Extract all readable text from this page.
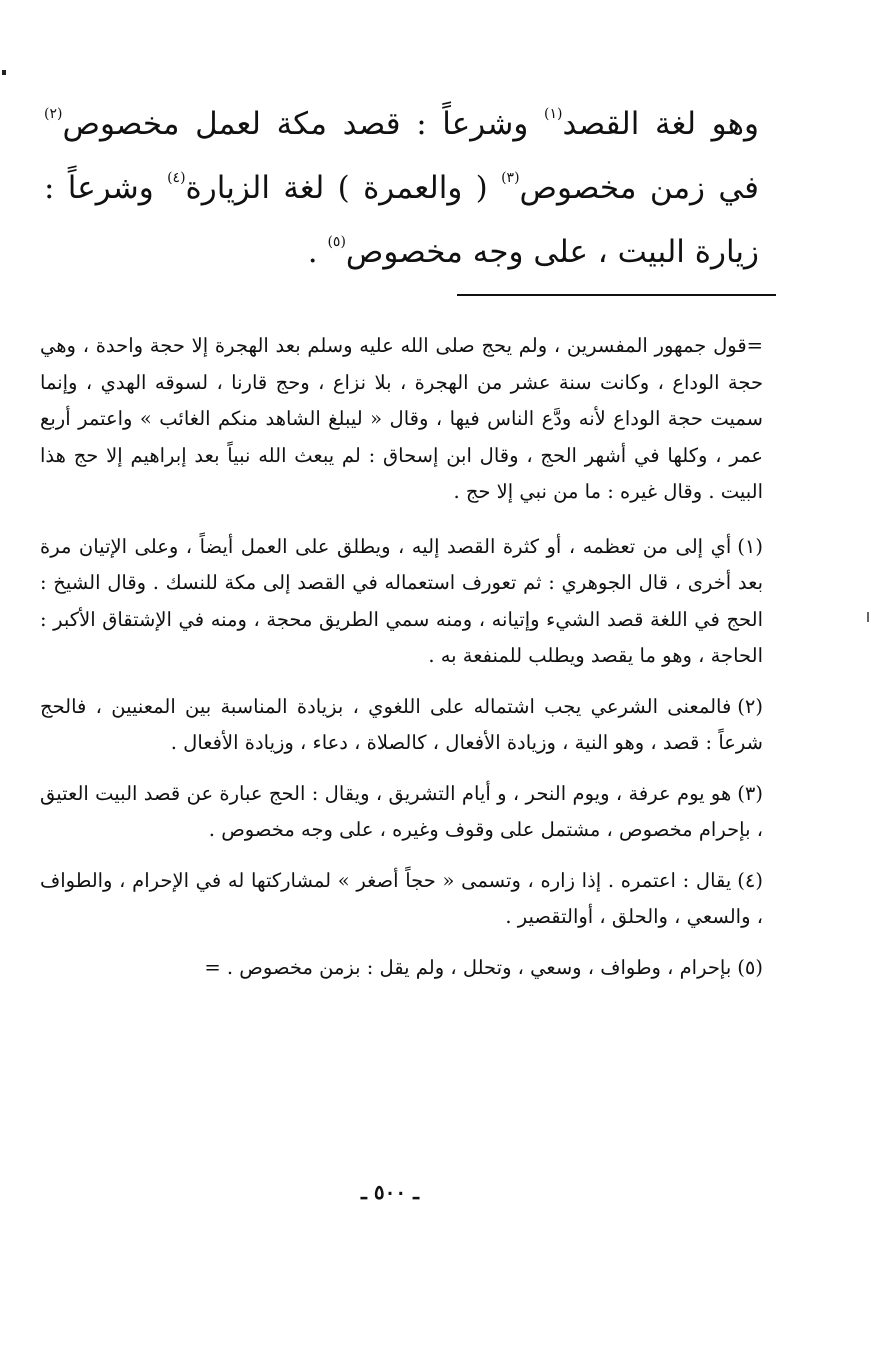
وهو لغة القصد$^{(١)}$ وشرعاً : قصد مكة لعمل مخصوص$^{(٢)}$ في زمن مخصوص$^{(٣)}$ ( والعمرة ) لغة الزيارة$^{(٤)}$ وشرعاً : زيارة البيت ، على وجه مخصوص$^{(٥)}$ .

=قول جمهور المفسرين ، ولم يحج صلى الله عليه وسلم بعد الهجرة إلا حجة واحدة ، وهي حجة الوداع ، وكانت سنة عشر من الهجرة ، بلا نزاع ، وحج قارنا ، لسوقه الهدي ، وإنما سميت حجة الوداع لأنه ودَّع الناس فيها ، وقال « ليبلغ الشاهد منكم الغائب » واعتمر أربع عمر ، وكلها في أشهر الحج ، وقال ابن إسحاق : لم يبعث الله نبياً بعد إبراهيم إلا حج هذا البيت . وقال غيره : ما من نبي إلا حج .

(١)أي إلى من تعظمه ، أو كثرة القصد إليه ، ويطلق على العمل أيضاً ، وعلى الإتيان مرة بعد أخرى ، قال الجوهري : ثم تعورف استعماله في القصد إلى مكة للنسك . وقال الشيخ : الحج في اللغة قصد الشيء وإتيانه ، ومنه سمي الطريق محجة ، ومنه في الإشتقاق الأكبر : الحاجة ، وهو ما يقصد ويطلب للمنفعة به .

(٢)فالمعنى الشرعي يجب اشتماله على اللغوي ، بزيادة المناسبة بين المعنيين ، فالحج شرعاً : قصد ، وهو النية ، وزيادة الأفعال ، كالصلاة ، دعاء ، وزيادة الأفعال .

(٣)هو يوم عرفة ، ويوم النحر ، و أيام التشريق ، ويقال : الحج عبارة عن قصد البيت العتيق ، بإحرام مخصوص ، مشتمل على وقوف وغيره ، على وجه مخصوص .

(٤)يقال : اعتمره . إذا زاره ، وتسمى « حجاً أصغر » لمشاركتها له في الإحرام ، والطواف ، والسعي ، والحلق ، أوالتقصير .

(٥)بإحرام ، وطواف ، وسعي ، وتحلل ، ولم يقل : بزمن مخصوص . =

ـ ٥٠٠ ـ
